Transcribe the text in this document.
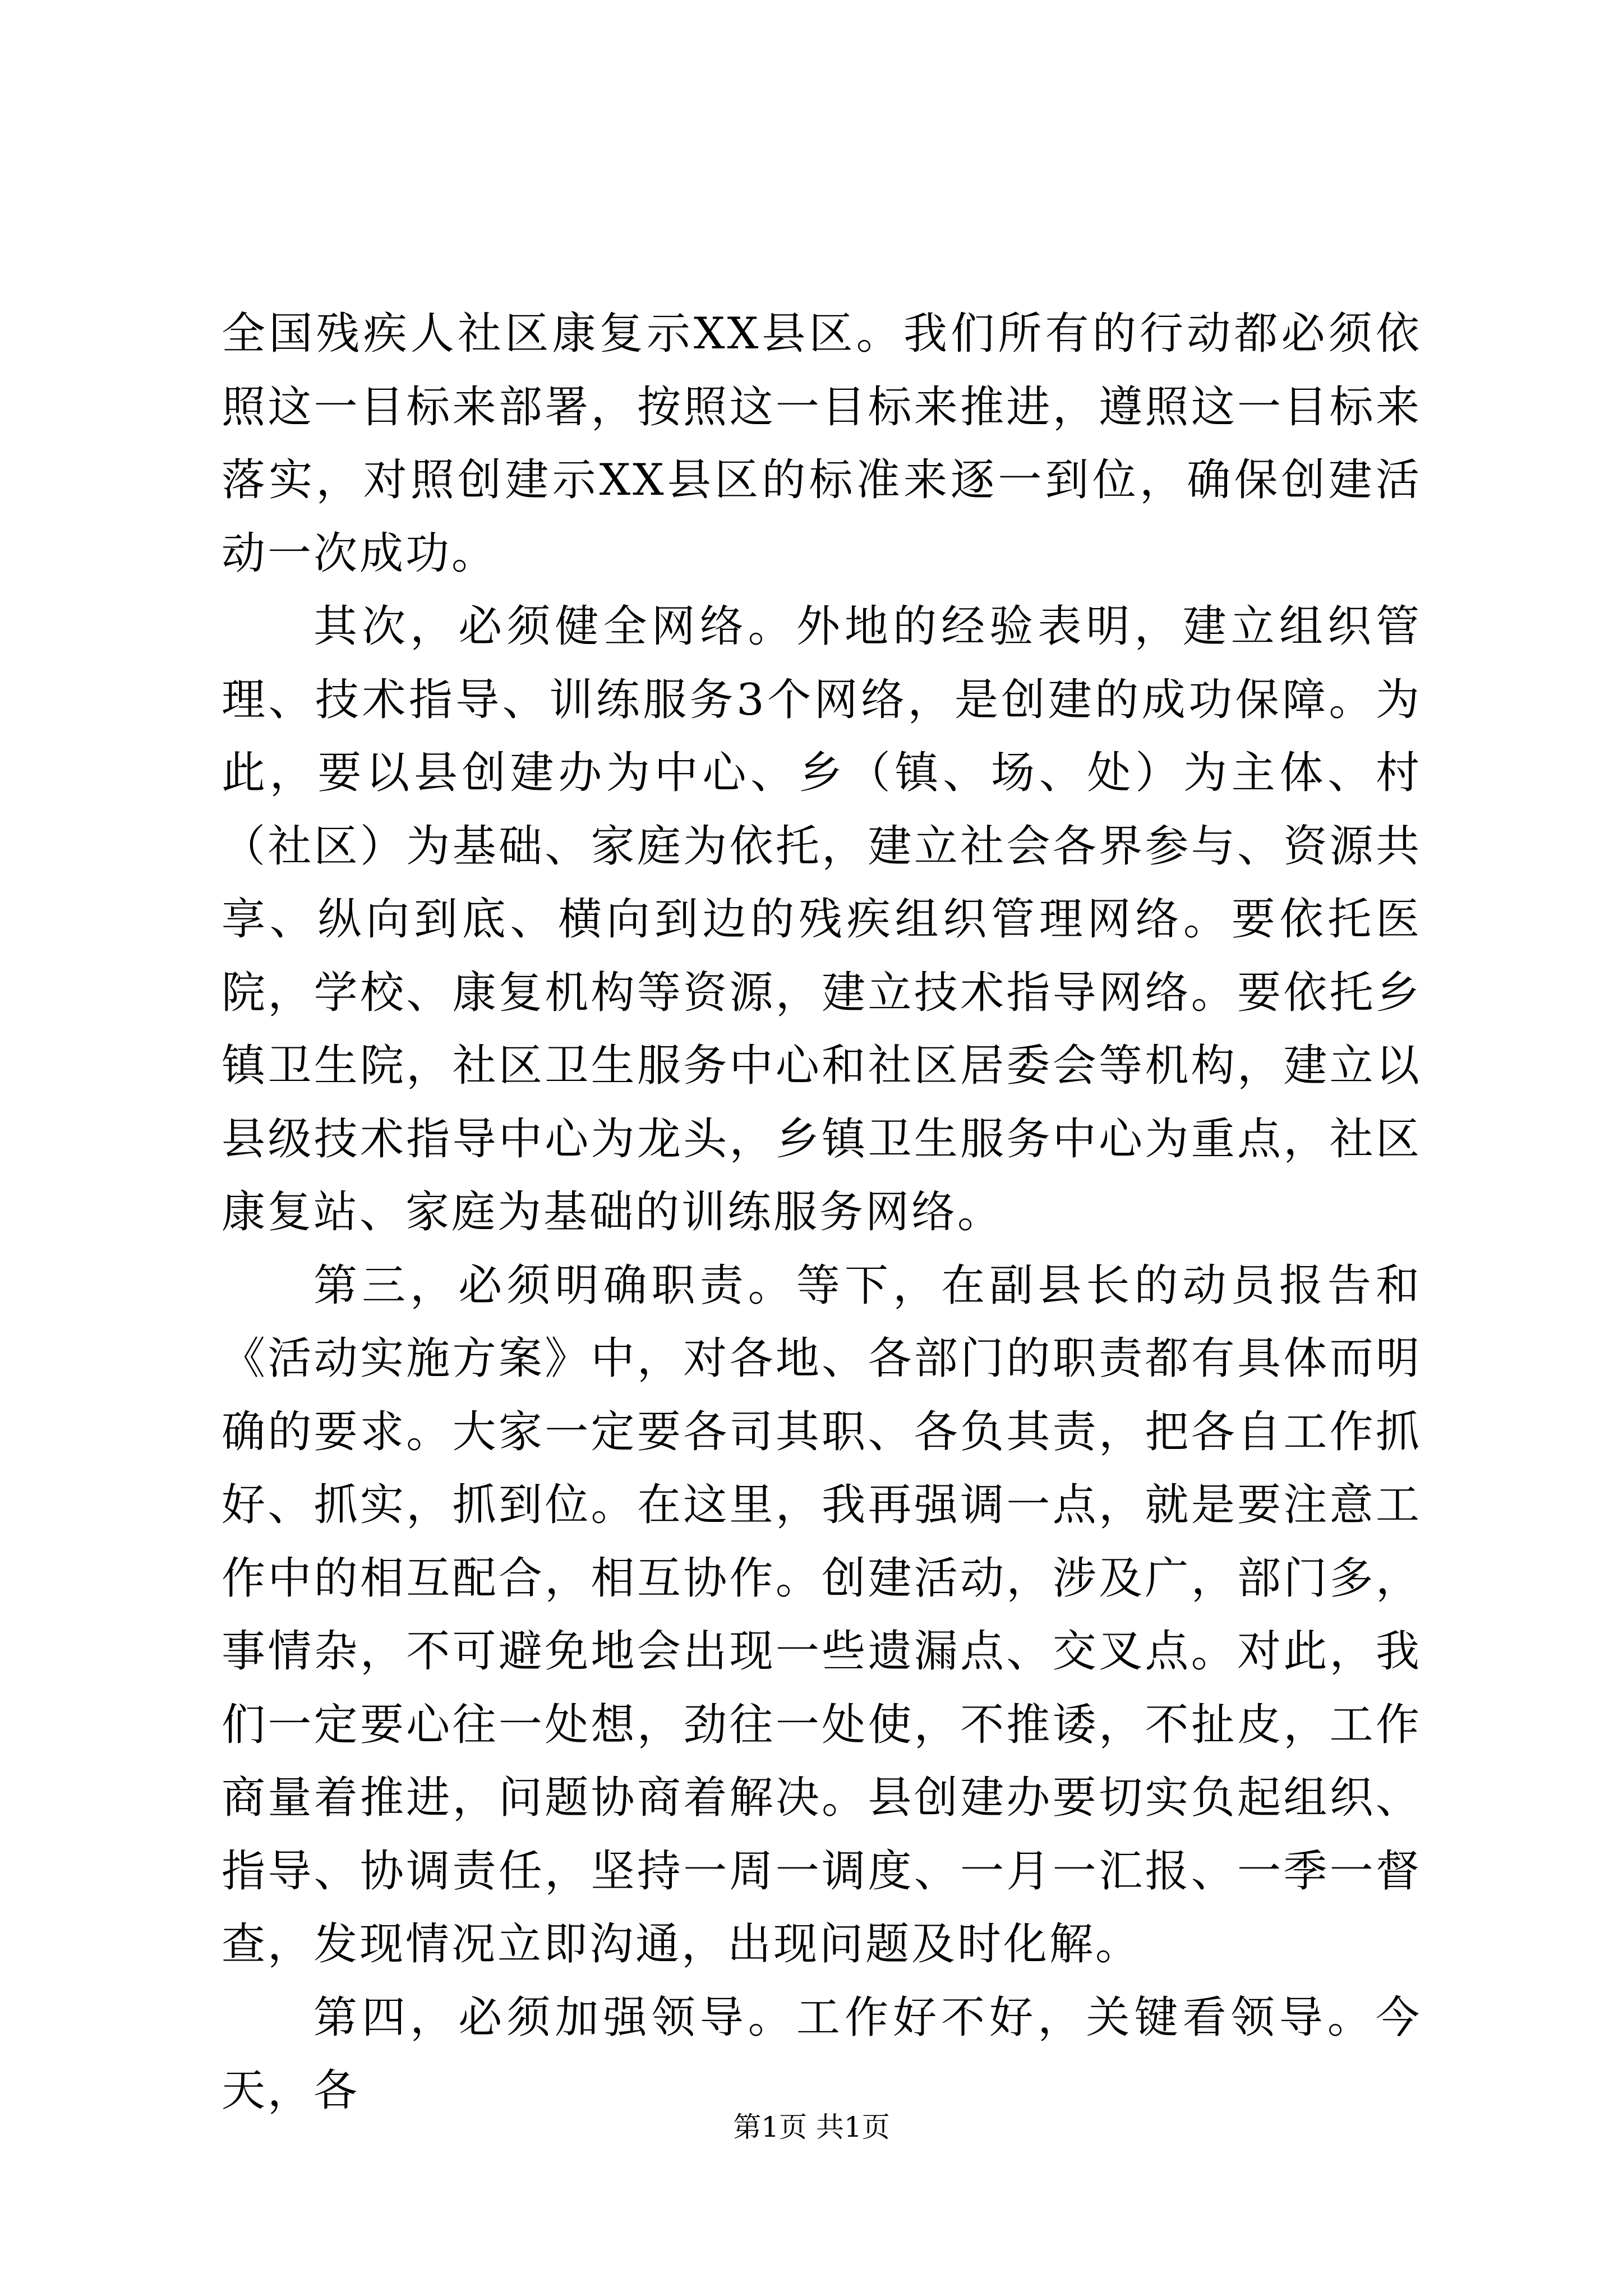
全国残疾人社区康复示XX县区。我们所有的行动都必须依照这一目标来部署，按照这一目标来推进，遵照这一目标来落实，对照创建示XX县区的标准来逐一到位，确保创建活动一次成功。

其次，必须健全网络。外地的经验表明，建立组织管理、技术指导、训练服务3个网络，是创建的成功保障。为此，要以县创建办为中心、乡（镇、场、处）为主体、村（社区）为基础、家庭为依托，建立社会各界参与、资源共享、纵向到底、横向到边的残疾组织管理网络。要依托医院，学校、康复机构等资源，建立技术指导网络。要依托乡镇卫生院，社区卫生服务中心和社区居委会等机构，建立以县级技术指导中心为龙头，乡镇卫生服务中心为重点，社区康复站、家庭为基础的训练服务网络。

第三，必须明确职责。等下，在副县长的动员报告和《活动实施方案》中，对各地、各部门的职责都有具体而明确的要求。大家一定要各司其职、各负其责，把各自工作抓好、抓实，抓到位。在这里，我再强调一点，就是要注意工作中的相互配合，相互协作。创建活动，涉及广，部门多，事情杂，不可避免地会出现一些遗漏点、交叉点。对此，我们一定要心往一处想，劲往一处使，不推诿，不扯皮，工作商量着推进，问题协商着解决。县创建办要切实负起组织、指导、协调责任，坚持一周一调度、一月一汇报、一季一督查，发现情况立即沟通，出现问题及时化解。

第四，必须加强领导。工作好不好，关键看领导。今天，各

第1页 共1页
